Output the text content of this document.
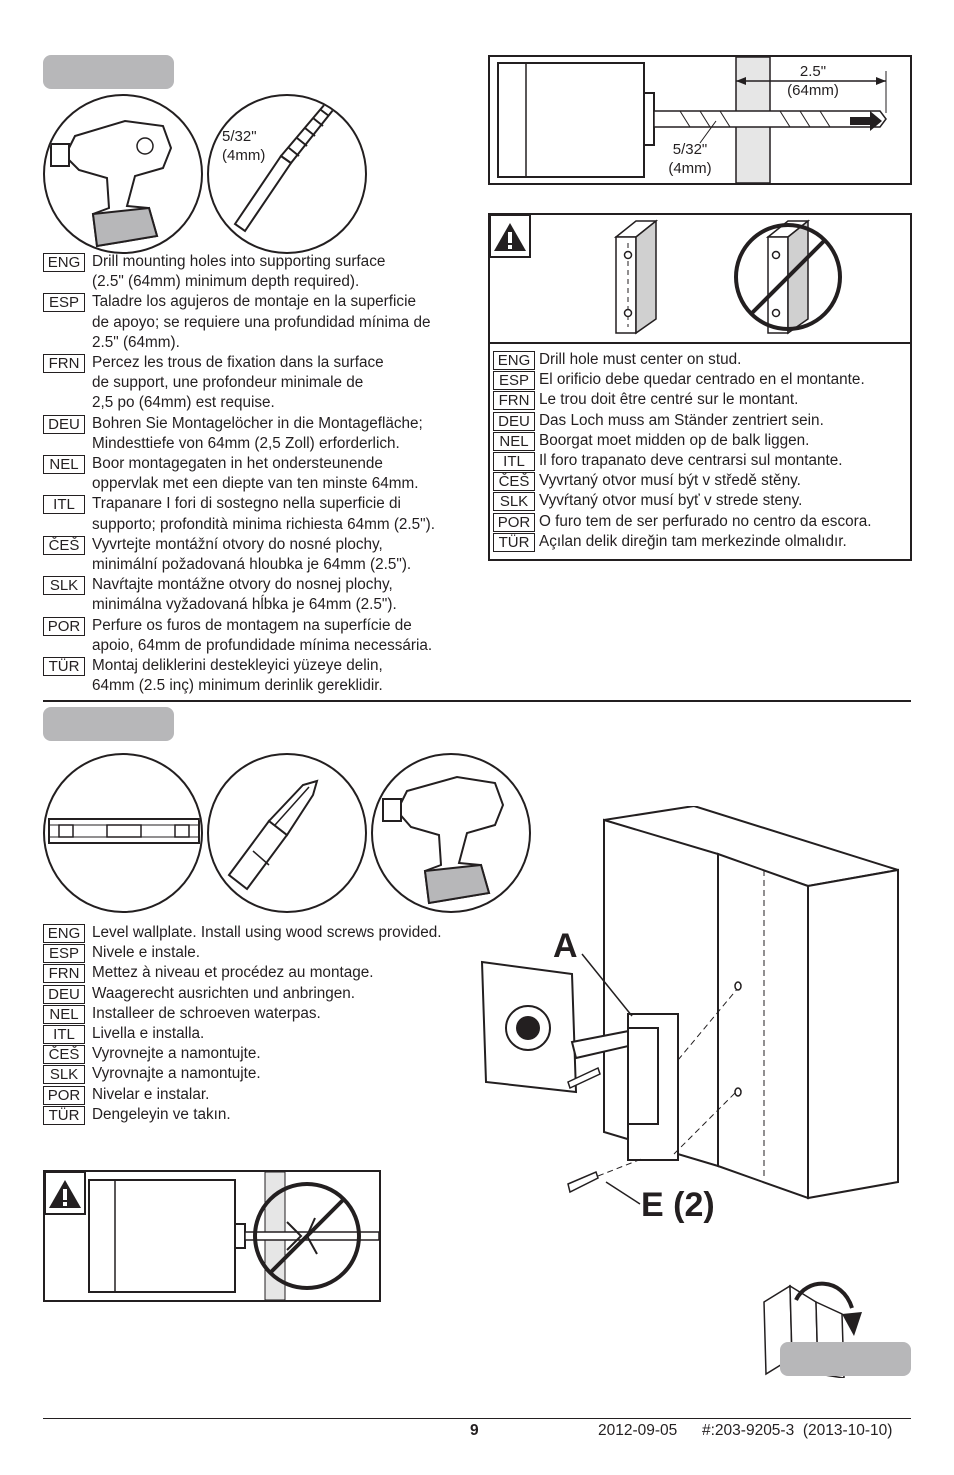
5/32"
(4mm)
ENG Drill mounting holes into supporting surface
(2.5" (64mm) minimum depth required).
ESP Taladre los agujeros de montaje en la superficie
de apoyo; se requiere una profundidad mínima de
2.5" (64mm).
FRN Percez les trous de fixation dans la surface
de support, une profondeur minimale de
2,5 po (64mm) est requise.
DEU Bohren Sie Montagelöcher in die Montagefläche;
Mindesttiefe von 64mm (2,5 Zoll) erforderlich.
NEL Boor montagegaten in het ondersteunende
oppervlak met een diepte van ten minste 64mm.
ITL	Trapanare I fori di sostegno nella superficie di
supporto; profondità minima richiesta 64mm (2.5").
ČEŠ Vyvrtejte montážní otvory do nosné plochy,
minimální požadovaná hloubka je 64mm (2.5").
SLK Navŕtajte montážne otvory do nosnej plochy,
minimálna vyžadovaná hĺbka je 64mm (2.5").
POR Perfure os furos de montagem na superfície de
apoio, 64mm de profundidade mínima necessária.
TÜR Montaj deliklerini destekleyici yüzeye delin,
64mm (2.5 inç) minimum derinlik gereklidir.
2.5"
(64mm)
5/32"
(4mm)
ENG Drill hole must center on stud.
ESP El orificio debe quedar centrado en el montante.
FRN Le trou doit être centré sur le montant.
DEU Das Loch muss am Ständer zentriert sein.
NEL Boorgat moet midden op de balk liggen.
ITL Il foro trapanato deve centrarsi sul montante.
ČEŠ Vyvrtaný otvor musí být v středě stěny.
SLK Vyvŕtaný otvor musí byť v strede steny.
POR O furo tem de ser perfurado no centro da escora.
TÜR Açılan delik direğin tam merkezinde olmalıdır.
ENG Level wallplate. Install using wood screws provided.
ESP Nivele e instale.
FRN Mettez à niveau et procédez au montage.
DEU Waagerecht ausrichten und anbringen.
NEL Installeer de schroeven waterpas.
ITL	Livella e installa.
ČEŠ Vyrovnejte a namontujte.
SLK Vyrovnajte a namontujte.
POR Nivelar e instalar.
TÜR Dengeleyin ve takın.
A
E (2)
9	2012-09-05 #:203-9205-3  (2013-10-10)
